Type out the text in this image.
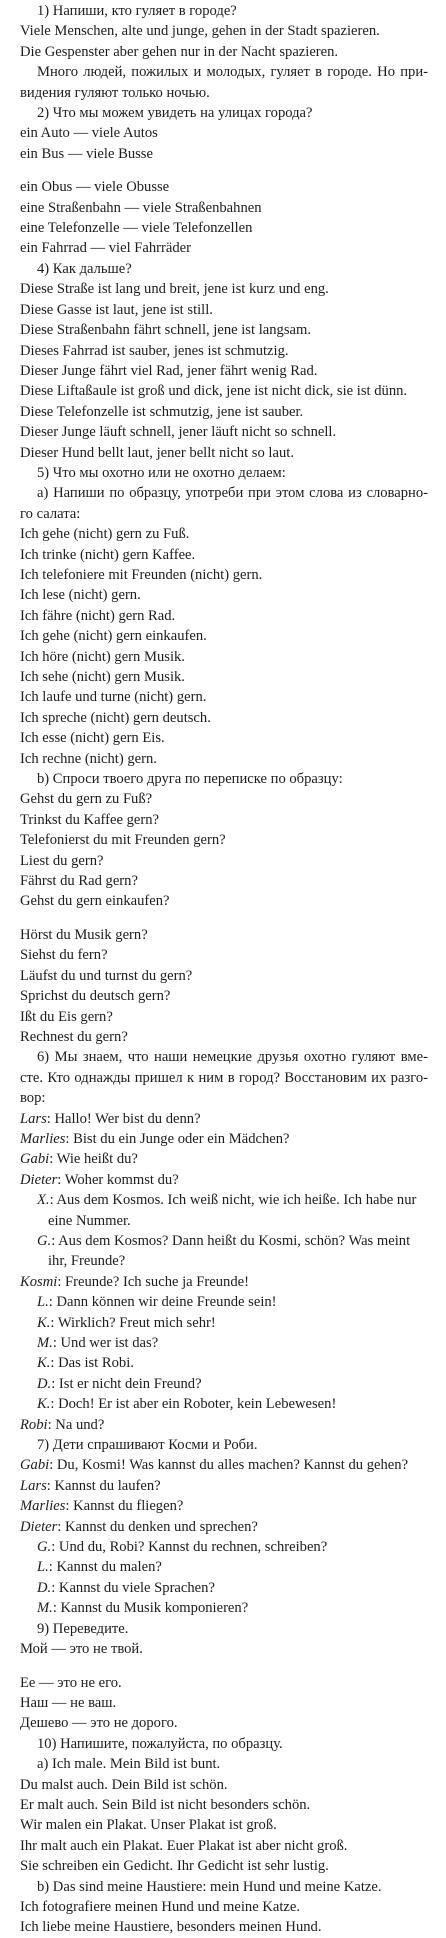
1) Напиши, кто гуляет в городе?
Viele Menschen, alte und junge, gehen in der Stadt spazieren.
Die Gespenster aber gehen nur in der Nacht spazieren.
Много людей, пожилых и молодых, гуляет в городе. Но при-
видения гуляют только ночью.
2) Что мы можем увидеть на улицах города?
ein Auto — viele Autos
ein Bus — viele Busse
ein Obus — viele Obusse
eine Straßenbahn — viele Straßenbahnen
eine Telefonzelle — viele Telefonzellen
ein Fahrrad — viel Fahrräder
4) Как дальше?
Diese Straße ist lang und breit, jene ist kurz und eng.
Diese Gasse ist laut, jene ist still.
Diese Straßenbahn fährt schnell, jene ist langsam.
Dieses Fahrrad ist sauber, jenes ist schmutzig.
Dieser Junge fährt viel Rad, jener fährt wenig Rad.
Diese Liftaßaule ist groß und dick, jene ist nicht dick, sie ist dünn.
Diese Telefonzelle ist schmutzig, jene ist sauber.
Dieser Junge läuft schnell, jener läuft nicht so schnell.
Dieser Hund bellt laut, jener bellt nicht so laut.
5) Что мы охотно или не охотно делаем:
а) Напиши по образцу, употреби при этом слова из словарно-
го салата:
Ich gehe (nicht) gern zu Fuß.
Ich trinke (nicht) gern Kaffee.
Ich telefoniere mit Freunden (nicht) gern.
Ich lese (nicht) gern.
Ich fähre (nicht) gern Rad.
Ich gehe (nicht) gern einkaufen.
Ich höre (nicht) gern Musik.
Ich sehe (nicht) gern Musik.
Ich laufe und turne (nicht) gern.
Ich spreche (nicht) gern deutsch.
Ich esse (nicht) gern Eis.
Ich rechne (nicht) gern.
b) Спроси твоего друга по переписке по образцу:
Gehst du gern zu Fuß?
Trinkst du Kaffee gern?
Telefonierst du mit Freunden gern?
Liest du gern?
Fährst du Rad gern?
Gehst du gern einkaufen?
Hörst du Musik gern?
Siehst du fern?
Läufst du und turnst du gern?
Sprichst du deutsch gern?
Ißt du Eis gern?
Rechnest du gern?
6) Мы знаем, что наши немецкие друзья охотно гуляют вме-
сте. Кто однажды пришел к ним в город? Восстановим их разго-
вор:
Lars: Hallo! Wer bist du denn?
Marlies: Bist du ein Junge oder ein Mädchen?
Gabi: Wie heißt du?
Dieter: Woher kommst du?
X.: Aus dem Kosmos. Ich weiß nicht, wie ich heiße. Ich habe nur
eine Nummer.
G.: Aus dem Kosmos? Dann heißt du Kosmi, schön? Was meint
ihr, Freunde?
Kosmi: Freunde? Ich suche ja Freunde!
L.: Dann können wir deine Freunde sein!
K.: Wirklich? Freut mich sehr!
M.: Und wer ist das?
K.: Das ist Robi.
D.: Ist er nicht dein Freund?
K.: Doch! Er ist aber ein Roboter, kein Lebewesen!
Robi: Na und?
7) Дети спрашивают Косми и Роби.
Gabi: Du, Kosmi! Was kannst du alles machen? Kannst du gehen?
Lars: Kannst du laufen?
Marlies: Kannst du fliegen?
Dieter: Kannst du denken und sprechen?
G.: Und du, Robi? Kannst du rechnen, schreiben?
L.: Kannst du malen?
D.: Kannst du viele Sprachen?
M.: Kannst du Musik komponieren?
9) Переведите.
Мой — это не твой.
Ее — это не его.
Наш — не ваш.
Дешево — это не дорого.
10) Напишите, пожалуйста, по образцу.
a) Ich male. Mein Bild ist bunt.
Du malst auch. Dein Bild ist schön.
Er malt auch. Sein Bild ist nicht besonders schön.
Wir malen ein Plakat. Unser Plakat ist groß.
Ihr malt auch ein Plakat. Euer Plakat ist aber nicht groß.
Sie schreiben ein Gedicht. Ihr Gedicht ist sehr lustig.
b) Das sind meine Haustiere: mein Hund und meine Katze.
Ich fotografiere meinen Hund und meine Katze.
Ich liebe meine Haustiere, besonders meinen Hund.
